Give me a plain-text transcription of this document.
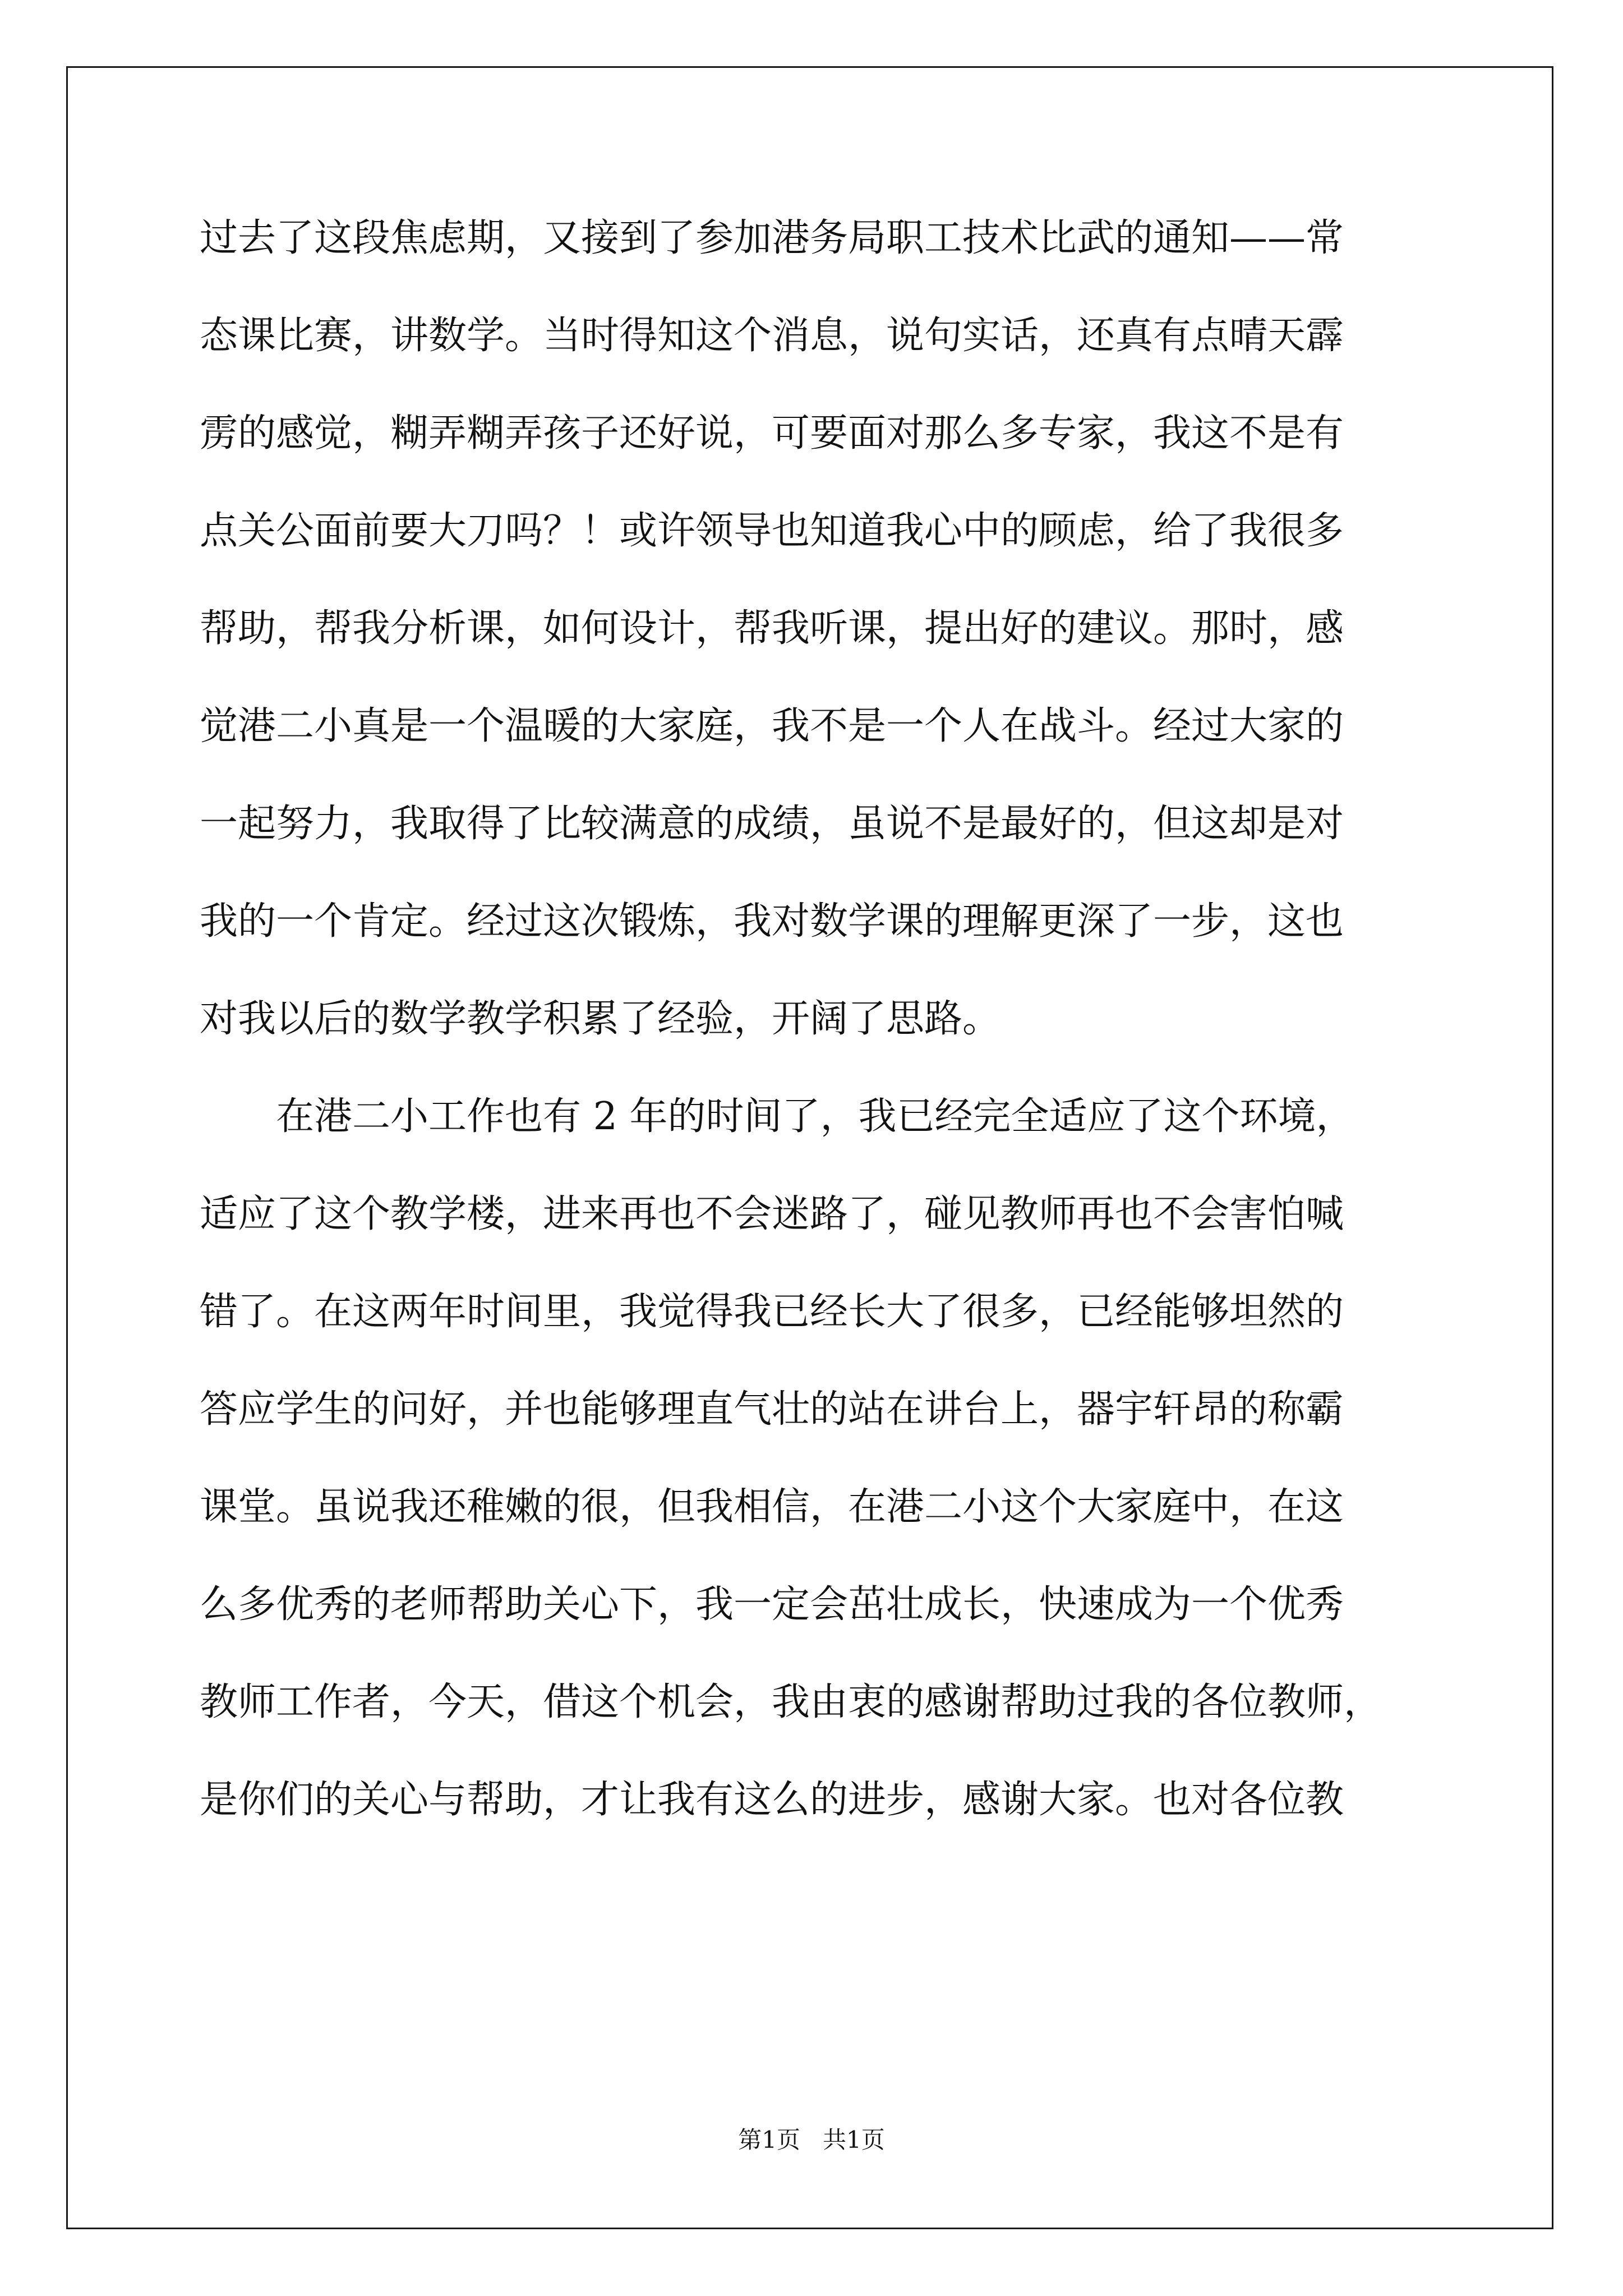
过去了这段焦虑期，又接到了参加港务局职工技术比武的通知——常
态课比赛，讲数学。当时得知这个消息，说句实话，还真有点晴天霹
雳的感觉，糊弄糊弄孩子还好说，可要面对那么多专家，我这不是有
点关公面前要大刀吗？！或许领导也知道我心中的顾虑，给了我很多
帮助，帮我分析课，如何设计，帮我听课，提出好的建议。那时，感
觉港二小真是一个温暖的大家庭，我不是一个人在战斗。经过大家的
一起努力，我取得了比较满意的成绩，虽说不是最好的，但这却是对
我的一个肯定。经过这次锻炼，我对数学课的理解更深了一步，这也
对我以后的数学教学积累了经验，开阔了思路。
在港二小工作也有 2 年的时间了，我已经完全适应了这个环境，
适应了这个教学楼，进来再也不会迷路了，碰见教师再也不会害怕喊
错了。在这两年时间里，我觉得我已经长大了很多，已经能够坦然的
答应学生的问好，并也能够理直气壮的站在讲台上，器宇轩昂的称霸
课堂。虽说我还稚嫩的很，但我相信，在港二小这个大家庭中，在这
么多优秀的老师帮助关心下，我一定会茁壮成长，快速成为一个优秀
教师工作者，今天，借这个机会，我由衷的感谢帮助过我的各位教师，
是你们的关心与帮助，才让我有这么的进步，感谢大家。也对各位教
第1页   共1页
